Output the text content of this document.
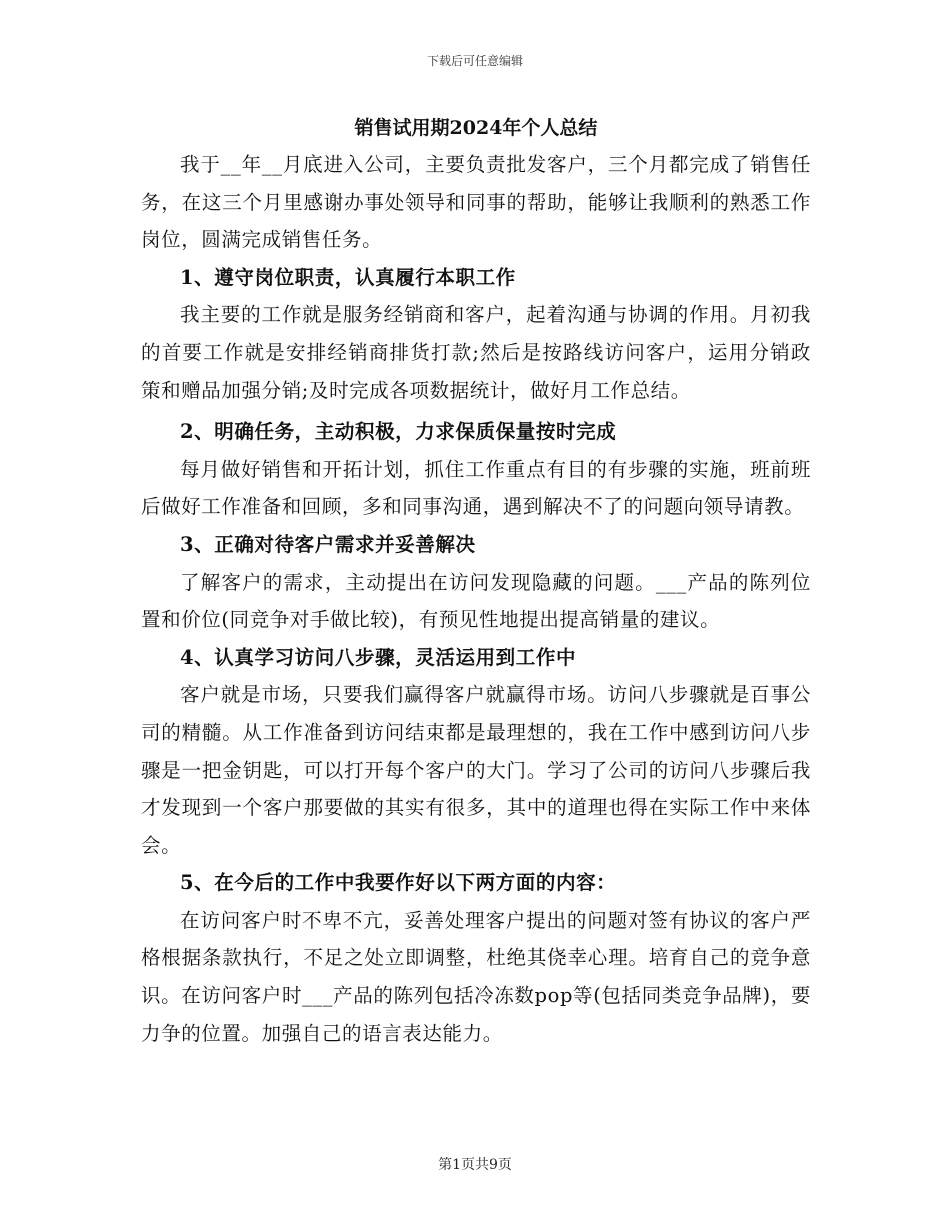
下载后可任意编辑
销售试用期2024年个人总结

我于__年__月底进入公司，主要负责批发客户，三个月都完成了销售任务，在这三个月里感谢办事处领导和同事的帮助，能够让我顺利的熟悉工作岗位，圆满完成销售任务。

1、遵守岗位职责，认真履行本职工作

我主要的工作就是服务经销商和客户，起着沟通与协调的作用。月初我的首要工作就是安排经销商排货打款;然后是按路线访问客户，运用分销政策和赠品加强分销;及时完成各项数据统计，做好月工作总结。

2、明确任务，主动积极，力求保质保量按时完成

每月做好销售和开拓计划，抓住工作重点有目的有步骤的实施，班前班后做好工作准备和回顾，多和同事沟通，遇到解决不了的问题向领导请教。

3、正确对待客户需求并妥善解决

了解客户的需求，主动提出在访问发现隐藏的问题。___产品的陈列位置和价位(同竞争对手做比较)，有预见性地提出提高销量的建议。

4、认真学习访问八步骤，灵活运用到工作中

客户就是市场，只要我们赢得客户就赢得市场。访问八步骤就是百事公司的精髓。从工作准备到访问结束都是最理想的，我在工作中感到访问八步骤是一把金钥匙，可以打开每个客户的大门。学习了公司的访问八步骤后我才发现到一个客户那要做的其实有很多，其中的道理也得在实际工作中来体会。

5、在今后的工作中我要作好以下两方面的内容：

在访问客户时不卑不亢，妥善处理客户提出的问题对签有协议的客户严格根据条款执行，不足之处立即调整，杜绝其侥幸心理。培育自己的竞争意识。在访问客户时___产品的陈列包括冷冻数pop等(包括同类竞争品牌)，要力争的位置。加强自己的语言表达能力。

第1页共9页
